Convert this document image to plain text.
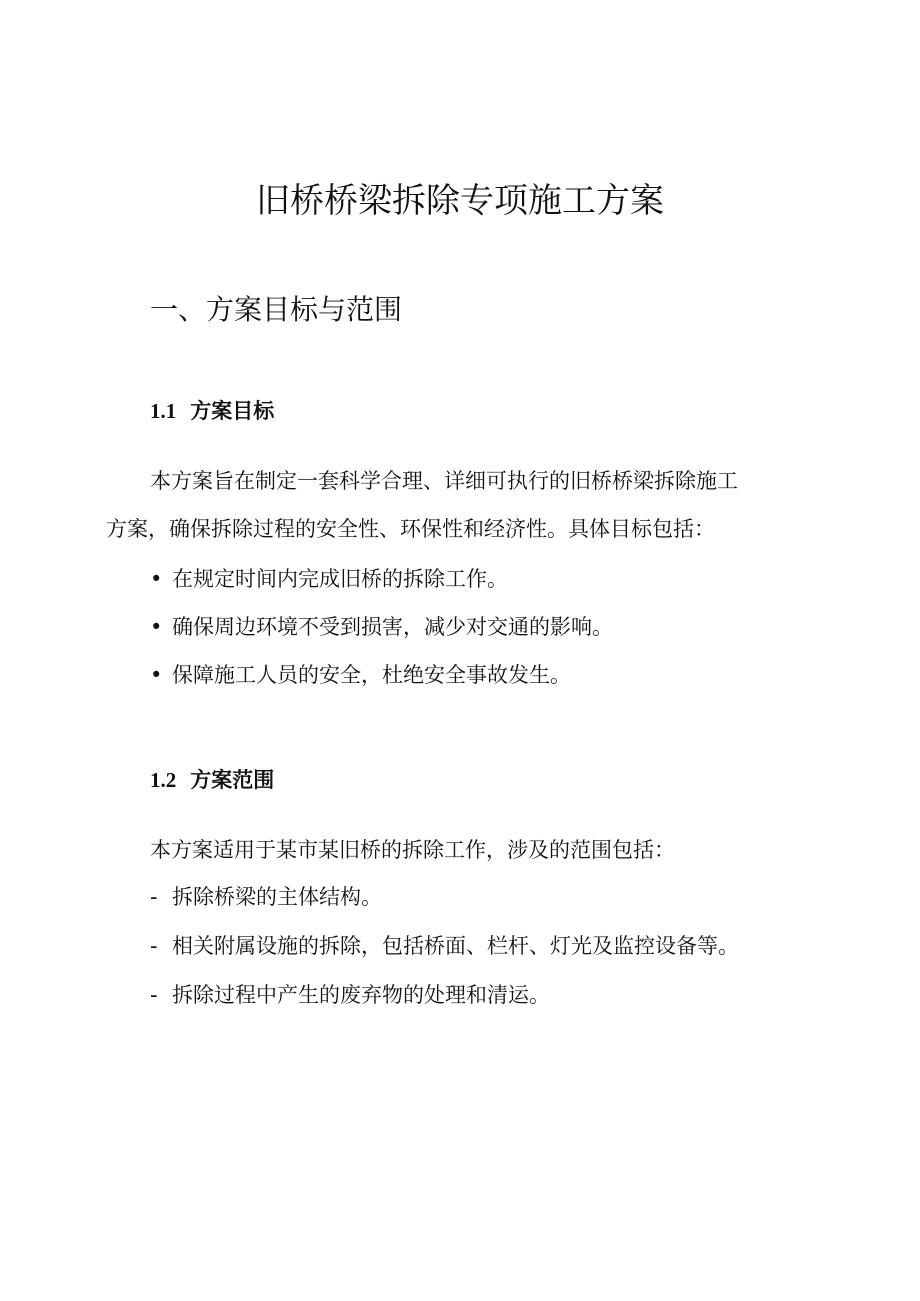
旧桥桥梁拆除专项施工方案
一、方案目标与范围
1.1 方案目标

本方案旨在制定一套科学合理、详细可执行的旧桥桥梁拆除施工

方案，确保拆除过程的安全性、环保性和经济性。具体目标包括：

• 在规定时间内完成旧桥的拆除工作。
• 确保周边环境不受到损害，减少对交通的影响。
• 保障施工人员的安全，杜绝安全事故发生。
1.2 方案范围

本方案适用于某市某旧桥的拆除工作，涉及的范围包括：

- 拆除桥梁的主体结构。
- 相关附属设施的拆除，包括桥面、栏杆、灯光及监控设备等。
- 拆除过程中产生的废弃物的处理和清运。
